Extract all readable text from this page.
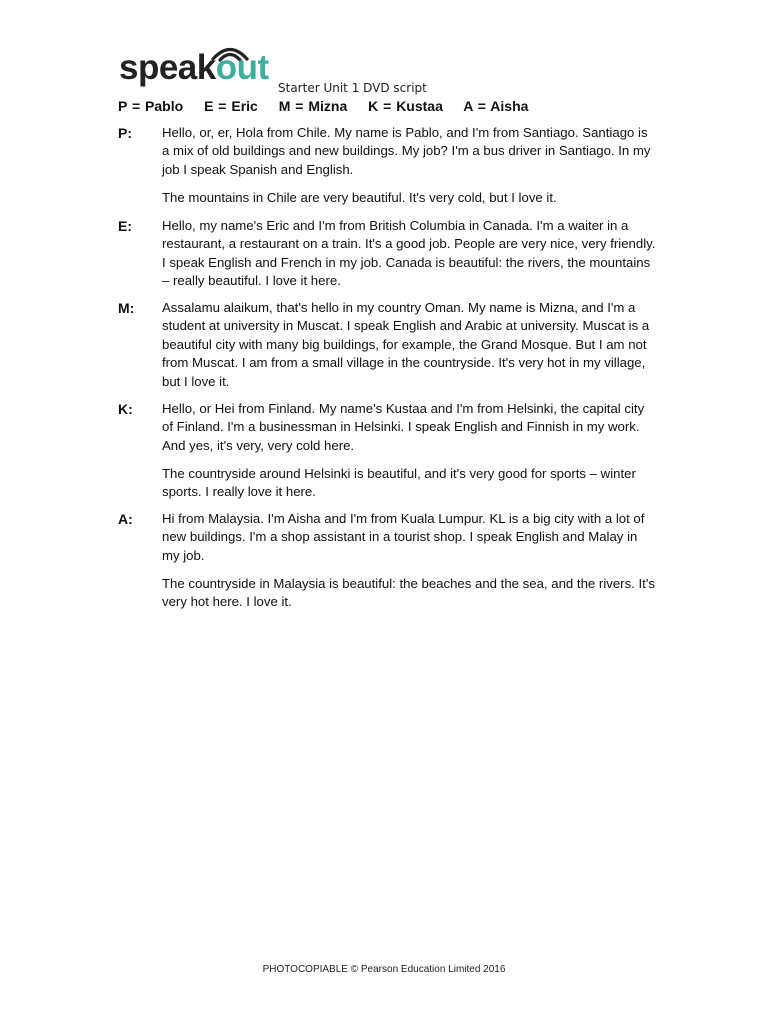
speakout
Starter Unit 1 DVD script
P = Pablo E = Eric M = Mizna K = Kustaa A = Aisha
P: Hello, or, er, Hola from Chile. My name is Pablo, and I'm from Santiago. Santiago is a mix of old buildings and new buildings. My job? I'm a bus driver in Santiago. In my job I speak Spanish and English.

The mountains in Chile are very beautiful. It's very cold, but I love it.

E: Hello, my name's Eric and I'm from British Columbia in Canada. I'm a waiter in a restaurant, a restaurant on a train. It's a good job. People are very nice, very friendly. I speak English and French in my job. Canada is beautiful: the rivers, the mountains – really beautiful. I love it here.

M: Assalamu alaikum, that's hello in my country Oman. My name is Mizna, and I'm a student at university in Muscat. I speak English and Arabic at university. Muscat is a beautiful city with many big buildings, for example, the Grand Mosque. But I am not from Muscat. I am from a small village in the countryside. It's very hot in my village, but I love it.

K: Hello, or Hei from Finland. My name's Kustaa and I'm from Helsinki, the capital city of Finland. I'm a businessman in Helsinki. I speak English and Finnish in my work. And yes, it's very, very cold here.

The countryside around Helsinki is beautiful, and it's very good for sports – winter sports. I really love it here.

A: Hi from Malaysia. I'm Aisha and I'm from Kuala Lumpur. KL is a big city with a lot of new buildings. I'm a shop assistant in a tourist shop. I speak English and Malay in my job.

The countryside in Malaysia is beautiful: the beaches and the sea, and the rivers. It's very hot here. I love it.

PHOTOCOPIABLE © Pearson Education Limited 2016
